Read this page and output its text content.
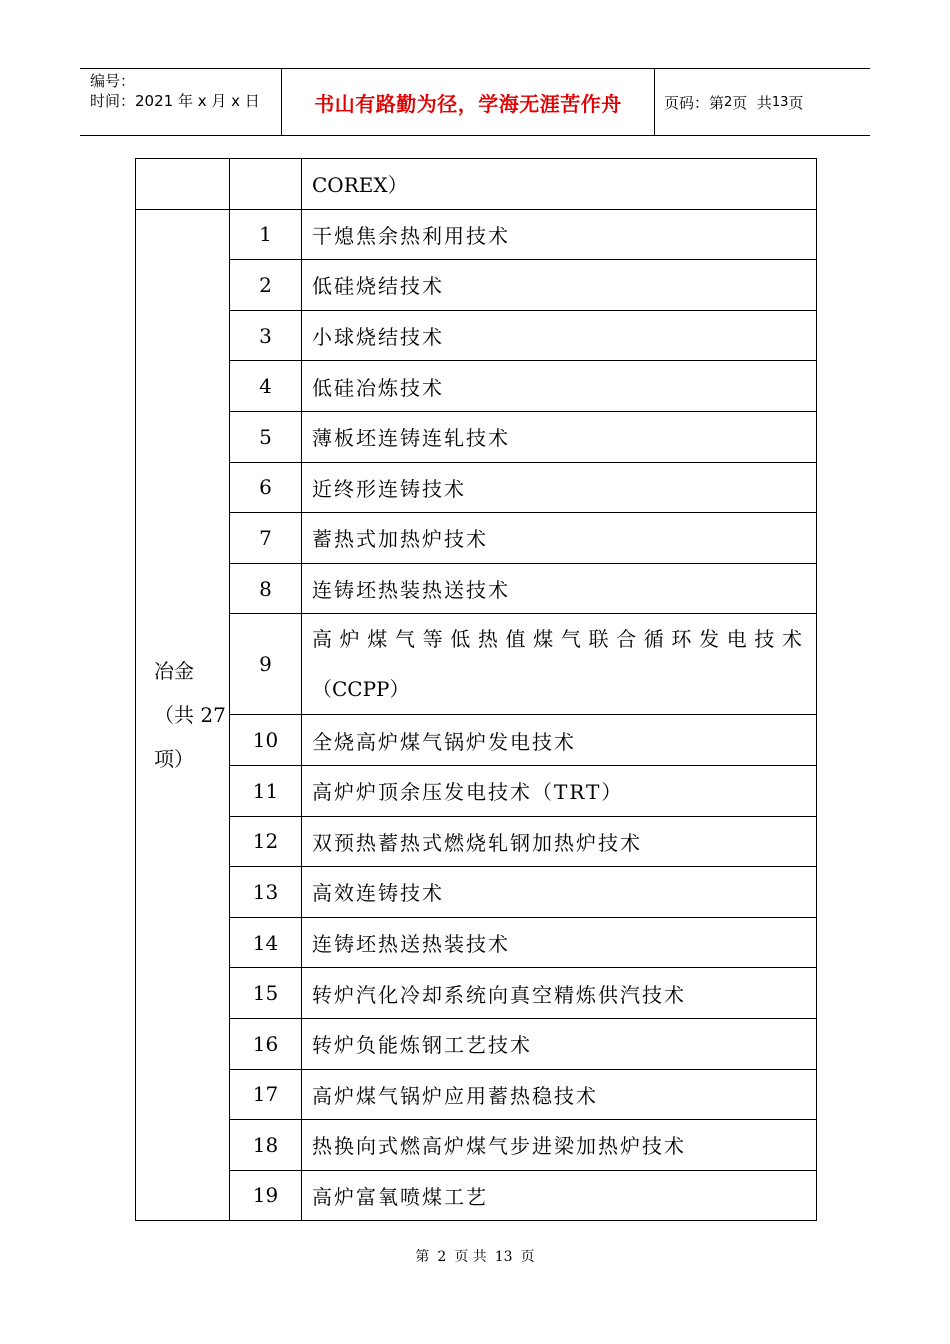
编号：
时间：2021 年 x 月 x 日	书山有路勤为径，学海无涯苦作舟	页码：第 2 页  共 13 页
		COREX）

冶金
（共 27
项）	1	干熄焦余热利用技术
	2	低硅烧结技术
	3	小球烧结技术
	4	低硅冶炼技术
	5	薄板坯连铸连轧技术
	6	近终形连铸技术
	7	蓄热式加热炉技术
	8	连铸坯热装热送技术
	9	高炉煤气等低热值煤气联合循环发电技术
（CCPP）
	10	全烧高炉煤气锅炉发电技术
	11	高炉炉顶余压发电技术（TRT）
	12	双预热蓄热式燃烧轧钢加热炉技术
	13	高效连铸技术
	14	连铸坯热送热装技术
	15	转炉汽化冷却系统向真空精炼供汽技术
	16	转炉负能炼钢工艺技术
	17	高炉煤气锅炉应用蓄热稳技术
	18	热换向式燃高炉煤气步进梁加热炉技术
	19	高炉富氧喷煤工艺
第 2 页 共 13 页
